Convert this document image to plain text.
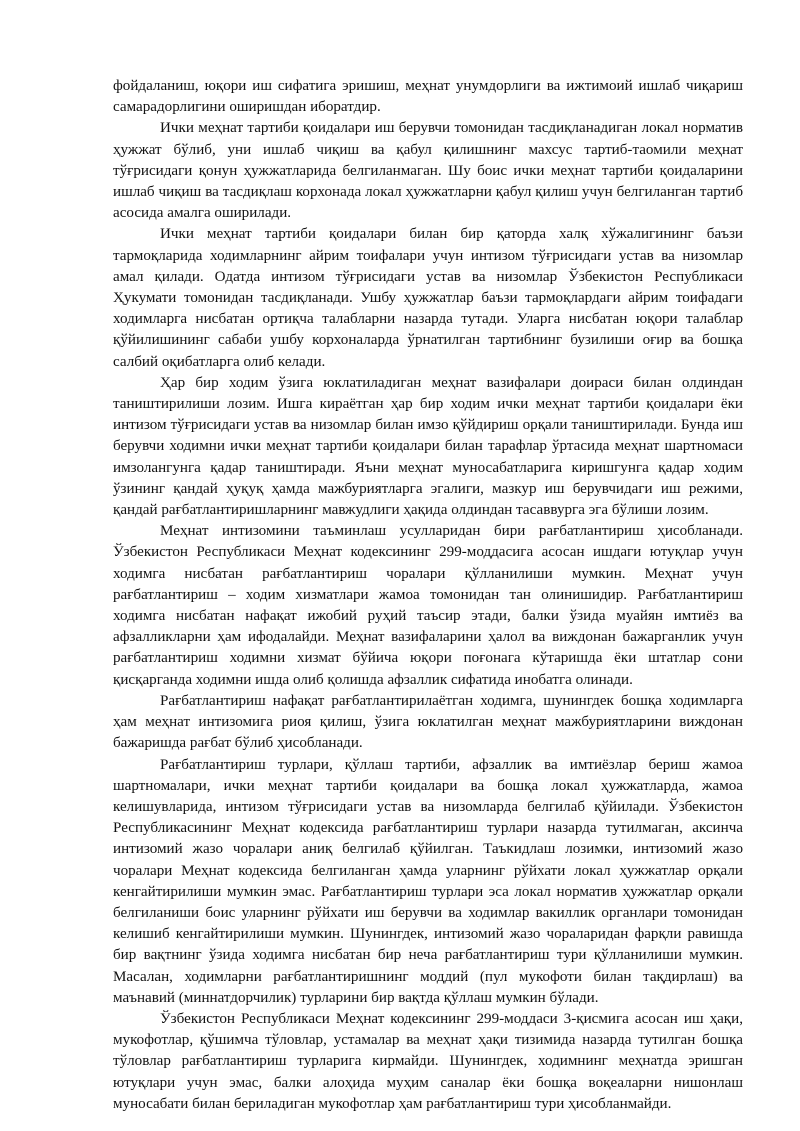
фойдаланиш, юқори иш сифатига эришиш, меҳнат унумдорлиги ва ижтимоий ишлаб чиқариш самарадорлигини оширишдан иборатдир.

Ички меҳнат тартиби қоидалари иш берувчи томонидан тасдиқланадиган локал норматив ҳужжат бўлиб, уни ишлаб чиқиш ва қабул қилишнинг махсус тартиб-таомили меҳнат тўғрисидаги қонун ҳужжатларида белгиланмаган. Шу боис ички меҳнат тартиби қоидаларини ишлаб чиқиш ва тасдиқлаш корхонада локал ҳужжатларни қабул қилиш учун белгиланган тартиб асосида амалга оширилади.

Ички меҳнат тартиби қоидалари билан бир қаторда халқ хўжалигининг баъзи тармоқларида ходимларнинг айрим тоифалари учун интизом тўғрисидаги устав ва низомлар амал қилади. Одатда интизом тўғрисидаги устав ва низомлар Ўзбекистон Республикаси Ҳукумати томонидан тасдиқланади. Ушбу ҳужжатлар баъзи тармоқлардаги айрим тоифадаги ходимларга нисбатан ортиқча талабларни назарда тутади. Уларга нисбатан юқори талаблар қўйилишининг сабаби ушбу корхоналарда ўрнатилган тартибнинг бузилиши оғир ва бошқа салбий оқибатларга олиб келади.

Ҳар бир ходим ўзига юклатиладиган меҳнат вазифалари доираси билан олдиндан таништирилиши лозим. Ишга кираётган ҳар бир ходим ички меҳнат тартиби қоидалари ёки интизом тўғрисидаги устав ва низомлар билан имзо қўйдириш орқали таништирилади. Бунда иш берувчи ходимни ички меҳнат тартиби қоидалари билан тарафлар ўртасида меҳнат шартномаси имзолангунга қадар таништиради. Яъни меҳнат муносабатларига киришгунга қадар ходим ўзининг қандай ҳуқуқ ҳамда мажбуриятларга эгалиги, мазкур иш берувчидаги иш режими, қандай рағбатлантиришларнинг мавжудлиги ҳақида олдиндан тасаввурга эга бўлиши лозим.

Меҳнат интизомини таъминлаш усулларидан бири рағбатлантириш ҳисобланади. Ўзбекистон Республикаси Меҳнат кодексининг 299-моддасига асосан ишдаги ютуқлар учун ходимга нисбатан рағбатлантириш чоралари қўлланилиши мумкин. Меҳнат учун рағбатлантириш – ходим хизматлари жамоа томонидан тан олинишидир. Рағбатлантириш ходимга нисбатан нафақат ижобий руҳий таъсир этади, балки ўзида муайян имтиёз ва афзалликларни ҳам ифодалайди. Меҳнат вазифаларини ҳалол ва виждонан бажарганлик учун рағбатлантириш ходимни хизмат бўйича юқори поғонага кўтаришда ёки штатлар сони қисқарганда ходимни ишда олиб қолишда афзаллик сифатида инобатга олинади.

Рағбатлантириш нафақат рағбатлантирилаётган ходимга, шунингдек бошқа ходимларга ҳам меҳнат интизомига риоя қилиш, ўзига юклатилган меҳнат мажбуриятларини виждонан бажаришда рағбат бўлиб ҳисобланади.

Рағбатлантириш турлари, қўллаш тартиби, афзаллик ва имтиёзлар бериш жамоа шартномалари, ички меҳнат тартиби қоидалари ва бошқа локал ҳужжатларда, жамоа келишувларида, интизом тўғрисидаги устав ва низомларда белгилаб қўйилади. Ўзбекистон Республикасининг Меҳнат кодексида рағбатлантириш турлари назарда тутилмаган, аксинча интизомий жазо чоралари аниқ белгилаб қўйилган. Таъкидлаш лозимки, интизомий жазо чоралари Меҳнат кодексида белгиланган ҳамда уларнинг рўйхати локал ҳужжатлар орқали кенгайтирилиши мумкин эмас. Рағбатлантириш турлари эса локал норматив ҳужжатлар орқали белгиланиши боис уларнинг рўйхати иш берувчи ва ходимлар вакиллик органлари томонидан келишиб кенгайтирилиши мумкин. Шунингдек, интизомий жазо чораларидан фарқли равишда бир вақтнинг ўзида ходимга нисбатан бир неча рағбатлантириш тури қўлланилиши мумкин. Масалан, ходимларни рағбатлантиришнинг моддий (пул мукофоти билан тақдирлаш) ва маънавий (миннатдорчилик) турларини бир вақтда қўллаш мумкин бўлади.

Ўзбекистон Республикаси Меҳнат кодексининг 299-моддаси 3-қисмига асосан иш ҳақи, мукофотлар, қўшимча тўловлар, устамалар ва меҳнат ҳақи тизимида назарда тутилган бошқа тўловлар рағбатлантириш турларига кирмайди. Шунингдек, ходимнинг меҳнатда эришган ютуқлари учун эмас, балки алоҳида муҳим саналар ёки бошқа воқеаларни нишонлаш муносабати билан бериладиган мукофотлар ҳам рағбатлантириш тури ҳисобланмайди.
